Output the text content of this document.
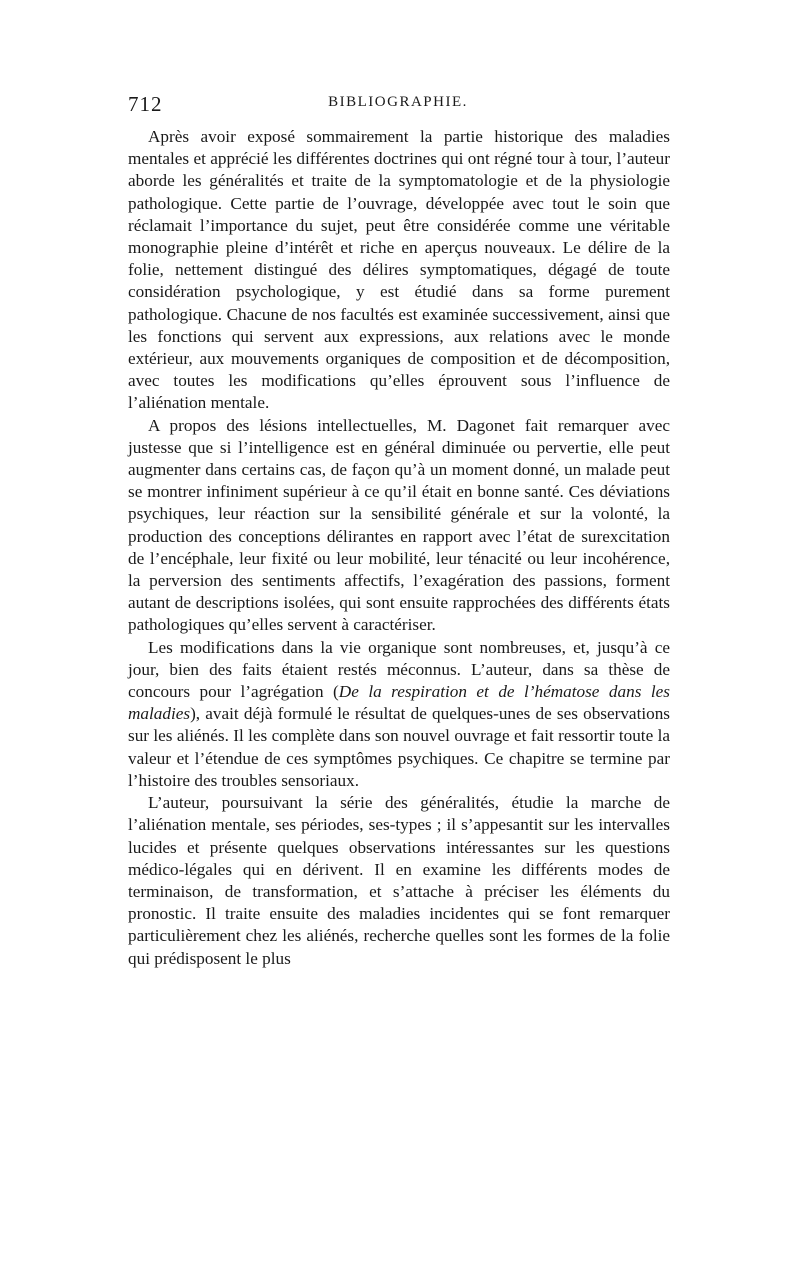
712	BIBLIOGRAPHIE.

Après avoir exposé sommairement la partie historique des maladies mentales et apprécié les différentes doctrines qui ont régné tour à tour, l’auteur aborde les généralités et traite de la symptomatologie et de la physiologie pathologique. Cette partie de l’ouvrage, développée avec tout le soin que réclamait l’importance du sujet, peut être considérée comme une véritable monographie pleine d’intérêt et riche en aperçus nouveaux. Le délire de la folie, nettement distingué des délires symptomatiques, dégagé de toute considération psychologique, y est étudié dans sa forme purement pathologique. Chacune de nos facultés est examinée successivement, ainsi que les fonctions qui servent aux expressions, aux relations avec le monde extérieur, aux mouvements organiques de composition et de décomposition, avec toutes les modifications qu’elles éprouvent sous l’influence de l’aliénation mentale.

A propos des lésions intellectuelles, M. Dagonet fait remarquer avec justesse que si l’intelligence est en général diminuée ou pervertie, elle peut augmenter dans certains cas, de façon qu’à un moment donné, un malade peut se montrer infiniment supérieur à ce qu’il était en bonne santé. Ces déviations psychiques, leur réaction sur la sensibilité générale et sur la volonté, la production des conceptions délirantes en rapport avec l’état de surexcitation de l’encéphale, leur fixité ou leur mobilité, leur ténacité ou leur incohérence, la perversion des sentiments affectifs, l’exagération des passions, forment autant de descriptions isolées, qui sont ensuite rapprochées des différents états pathologiques qu’elles servent à caractériser.

Les modifications dans la vie organique sont nombreuses, et, jusqu’à ce jour, bien des faits étaient restés méconnus. L’auteur, dans sa thèse de concours pour l’agrégation (De la respiration et de l’hématose dans les maladies), avait déjà formulé le résultat de quelques-unes de ses observations sur les aliénés. Il les complète dans son nouvel ouvrage et fait ressortir toute la valeur et l’étendue de ces symptômes psychiques. Ce chapitre se termine par l’histoire des troubles sensoriaux.

L’auteur, poursuivant la série des généralités, étudie la marche de l’aliénation mentale, ses périodes, ses-types ; il s’appesantit sur les intervalles lucides et présente quelques observations intéressantes sur les questions médico-légales qui en dérivent. Il en examine les différents modes de terminaison, de transformation, et s’attache à préciser les éléments du pronostic. Il traite ensuite des maladies incidentes qui se font remarquer particulièrement chez les aliénés, recherche quelles sont les formes de la folie qui prédisposent le plus
